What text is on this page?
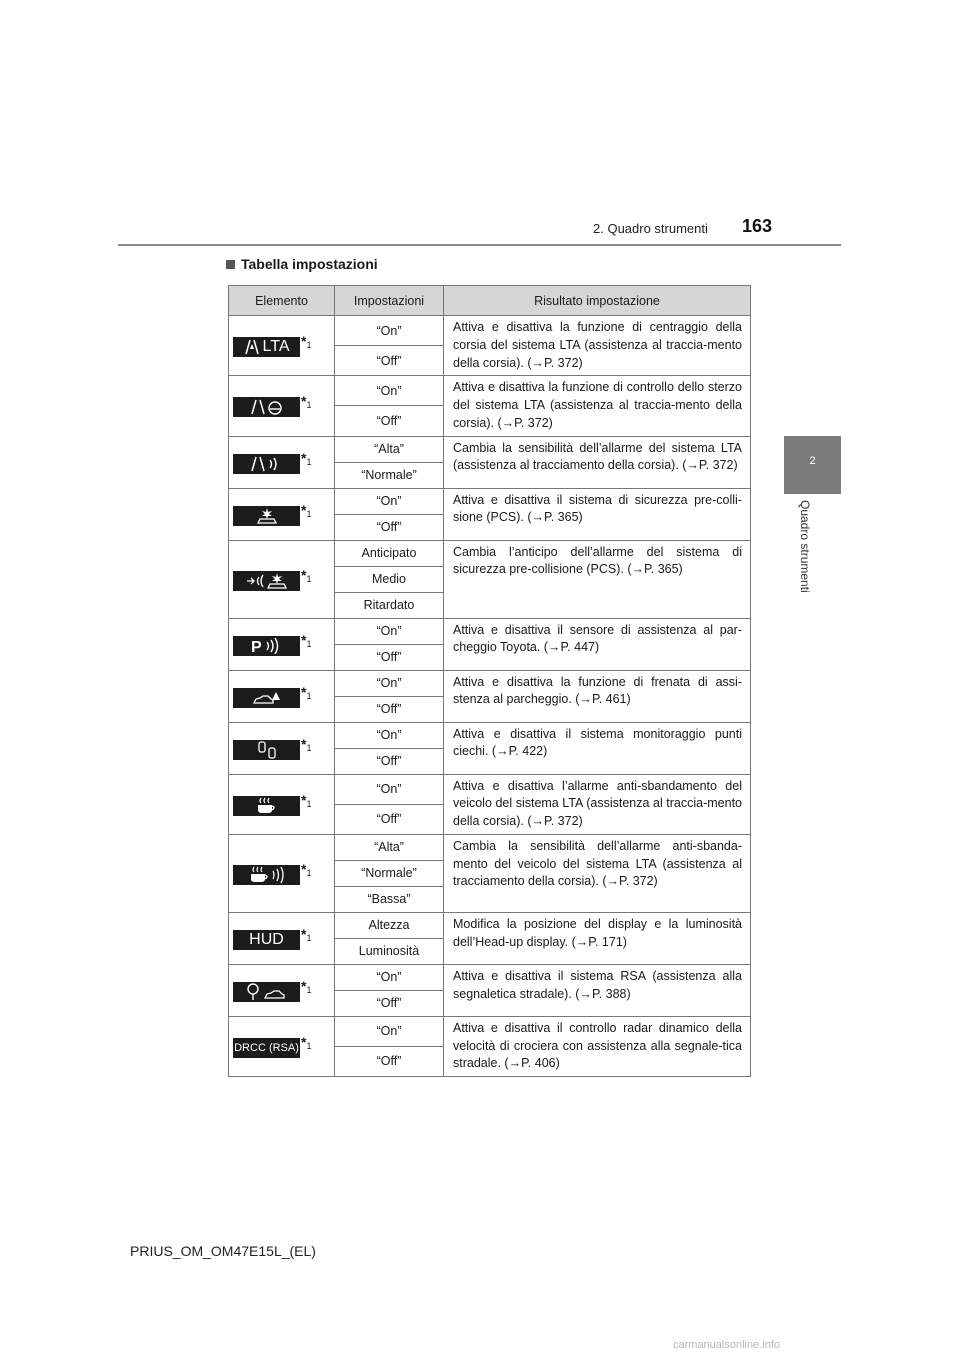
2. Quadro strumenti 163
2
Quadro strumenti
Tabella impostazioni
Elemento	Impostazioni	Risultato impostazione

LTA $*_1$	“On”	Attiva e disattiva la funzione di centraggio della corsia del sistema LTA (assistenza al traccia-mento della corsia). (→P. 372)
	“Off”	

$*_1$	“On”	Attiva e disattiva la funzione di controllo dello sterzo del sistema LTA (assistenza al traccia-mento della corsia). (→P. 372)
	“Off”	

$*_1$	“Alta”	Cambia la sensibilità dell’allarme del sistema LTA (assistenza al tracciamento della corsia). (→P. 372)
	“Normale”	

$*_1$	“On”	Attiva e disattiva il sistema di sicurezza pre-colli-sione (PCS). (→P. 365)
	“Off”	

$*_1$	Anticipato	Cambia l’anticipo dell’allarme del sistema di sicurezza pre-collisione (PCS). (→P. 365)
	Medio	
	Ritardato	

P $*_1$	“On”	Attiva e disattiva il sensore di assistenza al par-cheggio Toyota. (→P. 447)
	“Off”	

$*_1$	“On”	Attiva e disattiva la funzione di frenata di assi-stenza al parcheggio. (→P. 461)
	“Off”	

$*_1$	“On”	Attiva e disattiva il sistema monitoraggio punti ciechi. (→P. 422)
	“Off”	

$*_1$	“On”	Attiva e disattiva l’allarme anti-sbandamento del veicolo del sistema LTA (assistenza al traccia-mento della corsia). (→P. 372)
	“Off”	

$*_1$	“Alta”	Cambia la sensibilità dell’allarme anti-sbanda-mento del veicolo del sistema LTA (assistenza al tracciamento della corsia). (→P. 372)
	“Normale”	
	“Bassa”	

HUD $*_1$	Altezza	Modifica la posizione del display e la luminosità dell’Head-up display. (→P. 171)
	Luminosità	

$*_1$	“On”	Attiva e disattiva il sistema RSA (assistenza alla segnaletica stradale). (→P. 388)
	“Off”	

DRCC (RSA) $*_1$	“On”	Attiva e disattiva il controllo radar dinamico della velocità di crociera con assistenza alla segnale-tica stradale. (→P. 406)
	“Off”	
PRIUS_OM_OM47E15L_(EL)
carmanualsonline.info
